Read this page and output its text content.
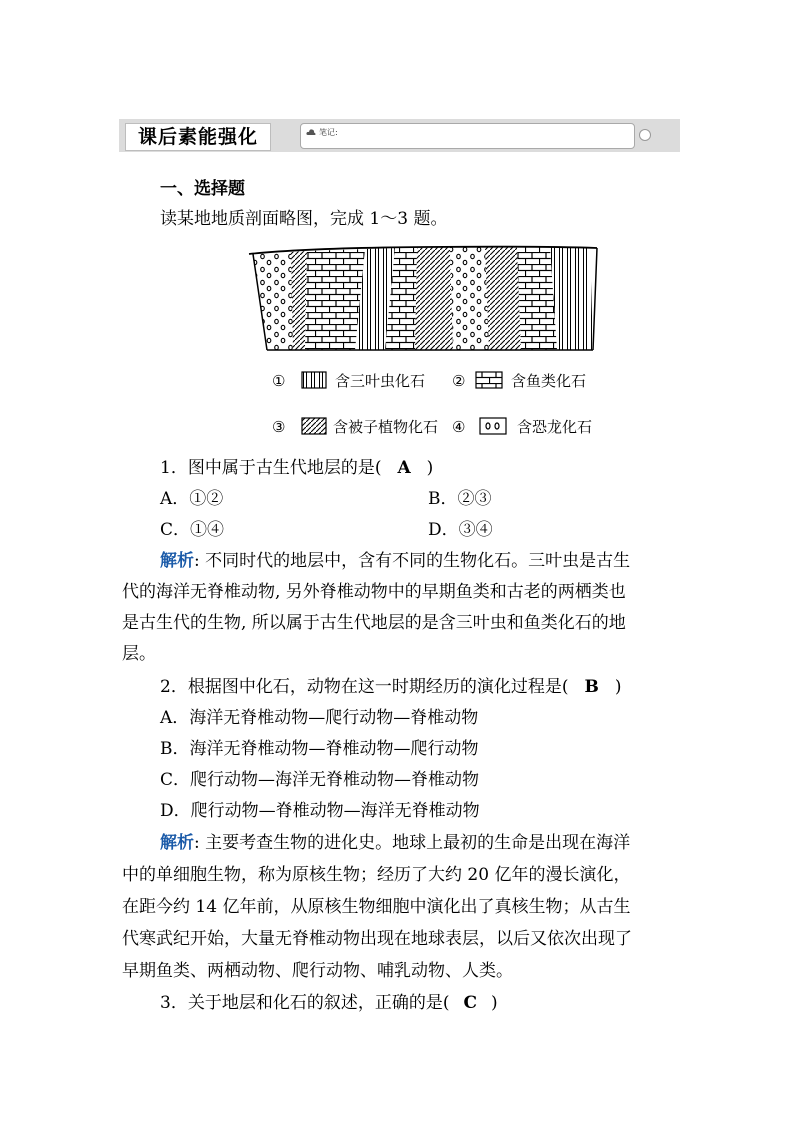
课后素能强化	笔记:
一、选择题
读某地地质剖面略图，完成 1～3 题。
①	含三叶虫化石 ②	含鱼类化石
③	含被子植物化石 ④	含恐龙化石
1．图中属于古生代地层的是( A )
A．①②	B．②③
C．①④	D．③④
解析: 不同时代的地层中，含有不同的生物化石。三叶虫是古生
代的海洋无脊椎动物, 另外脊椎动物中的早期鱼类和古老的两栖类也
是古生代的生物, 所以属于古生代地层的是含三叶虫和鱼类化石的地
层。
2．根据图中化石，动物在这一时期经历的演化过程是( B )
A．海洋无脊椎动物—爬行动物—脊椎动物
B．海洋无脊椎动物—脊椎动物—爬行动物
C．爬行动物—海洋无脊椎动物—脊椎动物
D．爬行动物—脊椎动物—海洋无脊椎动物
解析: 主要考查生物的进化史。地球上最初的生命是出现在海洋
中的单细胞生物，称为原核生物；经历了大约 20 亿年的漫长演化，
在距今约 14 亿年前，从原核生物细胞中演化出了真核生物；从古生
代寒武纪开始，大量无脊椎动物出现在地球表层，以后又依次出现了
早期鱼类、两栖动物、爬行动物、哺乳动物、人类。
3．关于地层和化石的叙述，正确的是( C )
